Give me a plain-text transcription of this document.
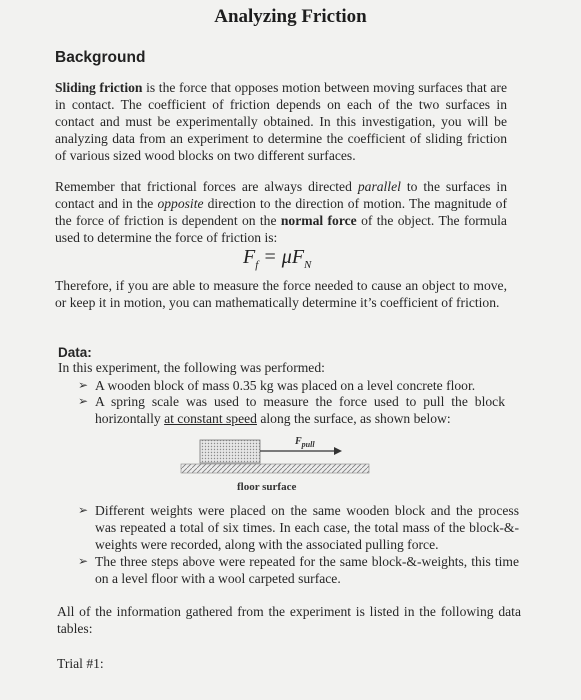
Analyzing Friction
Background

Sliding friction is the force that opposes motion between moving surfaces that are in contact. The coefficient of friction depends on each of the two surfaces in contact and must be experimentally obtained. In this investigation, you will be analyzing data from an experiment to determine the coefficient of sliding friction of various sized wood blocks on two different surfaces.

Remember that frictional forces are always directed parallel to the surfaces in contact and in the opposite direction to the direction of motion. The magnitude of the force of friction is dependent on the normal force of the object. The formula used to determine the force of friction is:

$F_f = \mu F_N$

Therefore, if you are able to measure the force needed to cause an object to move, or keep it in motion, you can mathematically determine it’s coefficient of friction.

Data:
In this experiment, the following was performed:
➢ A wooden block of mass 0.35 kg was placed on a level concrete floor.
➢ A spring scale was used to measure the force used to pull the block horizontally at constant speed along the surface, as shown below:
$F_{pull}$
floor surface
➢ Different weights were placed on the same wooden block and the process was repeated a total of six times. In each case, the total mass of the block-&-weights were recorded, along with the associated pulling force.
➢ The three steps above were repeated for the same block-&-weights, this time on a level floor with a wool carpeted surface.

All of the information gathered from the experiment is listed in the following data tables:

Trial #1:
